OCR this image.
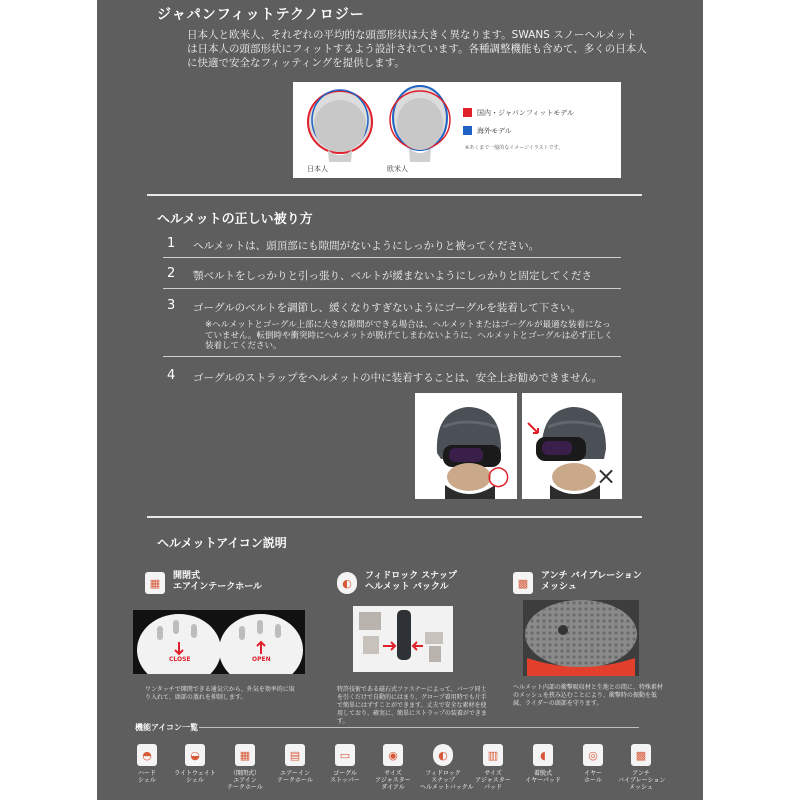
ジャパンフィットテクノロジー
日本人と欧米人、それぞれの平均的な頭部形状は大きく異なります。SWANS スノーヘルメットは日本人の頭部形状にフィットするよう設計されています。各種調整機能も含めて、多くの日本人に快適で安全なフィッティングを提供します。
日本人	欧米人
国内・ジャパンフィットモデル
海外モデル
※あくまで一般的なイメージイラストです。
ヘルメットの正しい被り方
1 ヘルメットは、頭頂部にも隙間がないようにしっかりと被ってください。
2 顎ベルトをしっかりと引っ張り、ベルトが緩まないようにしっかりと固定してくださ
3 ゴーグルのベルトを調節し、緩くなりすぎないようにゴーグルを装着して下さい。
※ヘルメットとゴーグル上部に大きな隙間ができる場合は、ヘルメットまたはゴーグルが最適な装着になっていません。転倒時や衝突時にヘルメットが脱げてしまわないように、ヘルメットとゴーグルは必ず正しく装着してください。
4 ゴーグルのストラップをヘルメットの中に装着することは、安全上お勧めできません。
○	×
ヘルメットアイコン説明
▦
開閉式
エアインテークホール
CLOSE	OPEN
ワンタッチで開閉できる通気穴から、外気を効率的に取り入れて、頭部の蒸れを抑制します。
◐
フィドロック スナップ
ヘルメット バックル
特許技術である磁石式ファスナーによって、バーツ同士を引くだけで自動的にはまり、グローブ着用時でも片手で簡単にはずすことができます。丈夫で安全な素材を使用しており、確実に、簡単にストラップの装着ができます。
▩
アンチ バイブレーション
メッシュ
ヘルメット内部の衝撃吸収材と生地との間に、特殊素材のメッシュを挟み込むことにより、衝撃時の振動を低減、ライダーの頭部を守ります。
機能アイコン一覧
◓
ハード
シェル
◒
ライトウェイト
シェル
▦
（開閉式）
エアイン
テークホール
▤
エアーイン
テークホール
▭
ゴーグル
ストッパー
◉
サイズ
アジャスター
ダイアル
◐
フィドロック
スナップ
ヘルメットバックル
▥
サイズ
アジャスター
パッド
◖
着脱式
イヤーパッド
◎
イヤー
ホール
▩
アンチ
バイブレーション
メッシュ
